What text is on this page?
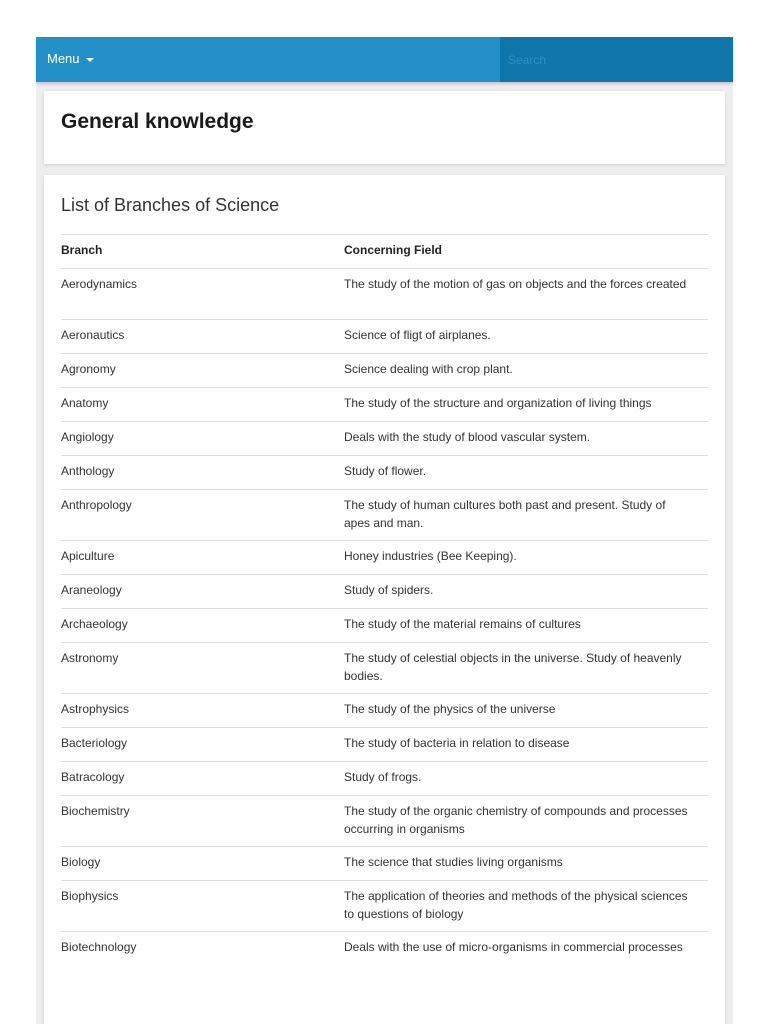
Menu
Search
General knowledge
List of Branches of Science
Branch	Concerning Field
Aerodynamics	The study of the motion of gas on objects and the forces created
Aeronautics	Science of fligt of airplanes.
Agronomy	Science dealing with crop plant.
Anatomy	The study of the structure and organization of living things
Angiology	Deals with the study of blood vascular system.
Anthology	Study of flower.
Anthropology	The study of human cultures both past and present. Study of apes and man.
Apiculture	Honey industries (Bee Keeping).
Araneology	Study of spiders.
Archaeology	The study of the material remains of cultures
Astronomy	The study of celestial objects in the universe. Study of heavenly bodies.
Astrophysics	The study of the physics of the universe
Bacteriology	The study of bacteria in relation to disease
Batracology	Study of frogs.
Biochemistry	The study of the organic chemistry of compounds and processes occurring in organisms
Biology	The science that studies living organisms
Biophysics	The application of theories and methods of the physical sciences to questions of biology
Biotechnology	Deals with the use of micro-organisms in commercial processes
